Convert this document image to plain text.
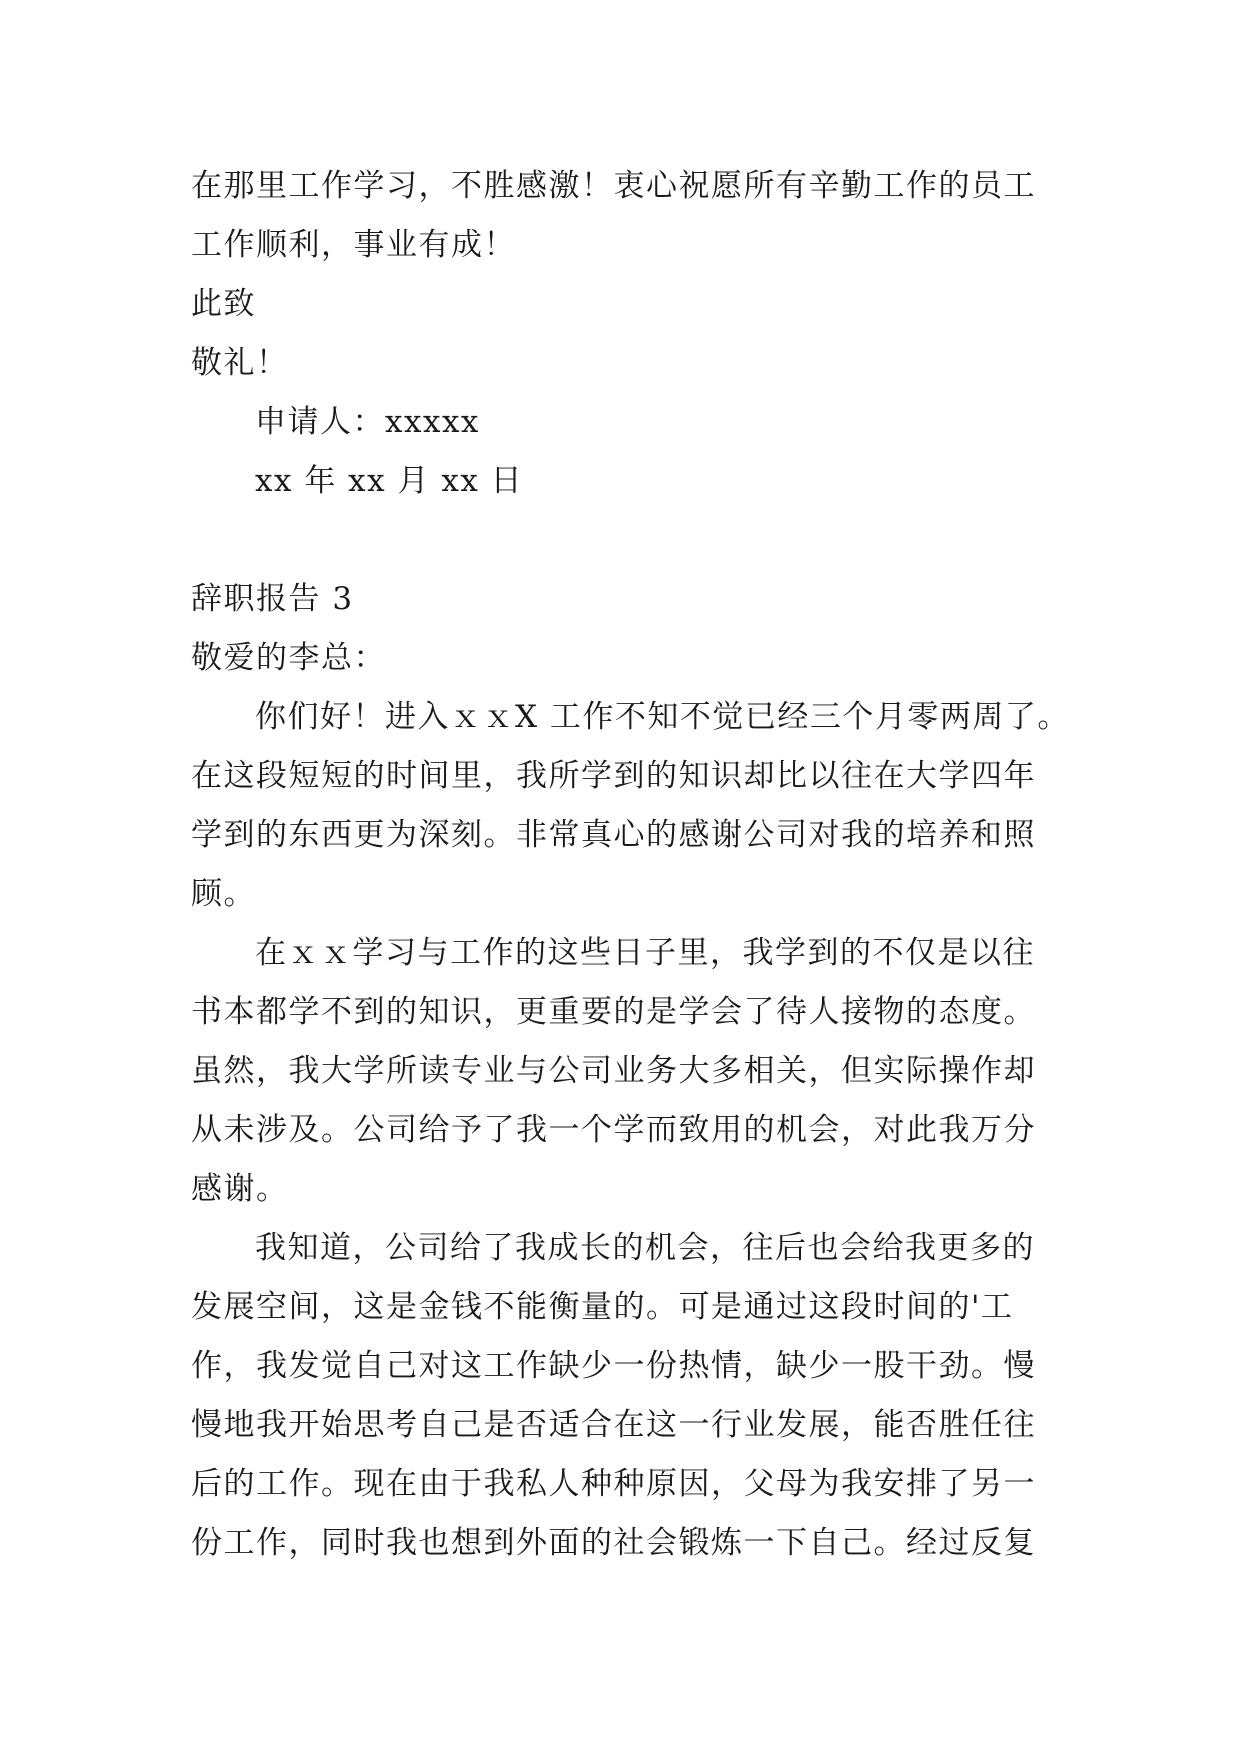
在那里工作学习，不胜感激！衷心祝愿所有辛勤工作的员工
工作顺利，事业有成！
此致
敬礼！
申请人：xxxxx
xx 年 xx 月 xx 日
辞职报告 3
敬爱的李总：
你们好！进入ｘｘX 工作不知不觉已经三个月零两周了。
在这段短短的时间里，我所学到的知识却比以往在大学四年
学到的东西更为深刻。非常真心的感谢公司对我的培养和照
顾。
在ｘｘ学习与工作的这些日子里，我学到的不仅是以往
书本都学不到的知识，更重要的是学会了待人接物的态度。
虽然，我大学所读专业与公司业务大多相关，但实际操作却
从未涉及。公司给予了我一个学而致用的机会，对此我万分
感谢。
我知道，公司给了我成长的机会，往后也会给我更多的
发展空间，这是金钱不能衡量的。可是通过这段时间的'工
作，我发觉自己对这工作缺少一份热情，缺少一股干劲。慢
慢地我开始思考自己是否适合在这一行业发展，能否胜任往
后的工作。现在由于我私人种种原因，父母为我安排了另一
份工作，同时我也想到外面的社会锻炼一下自己。经过反复
